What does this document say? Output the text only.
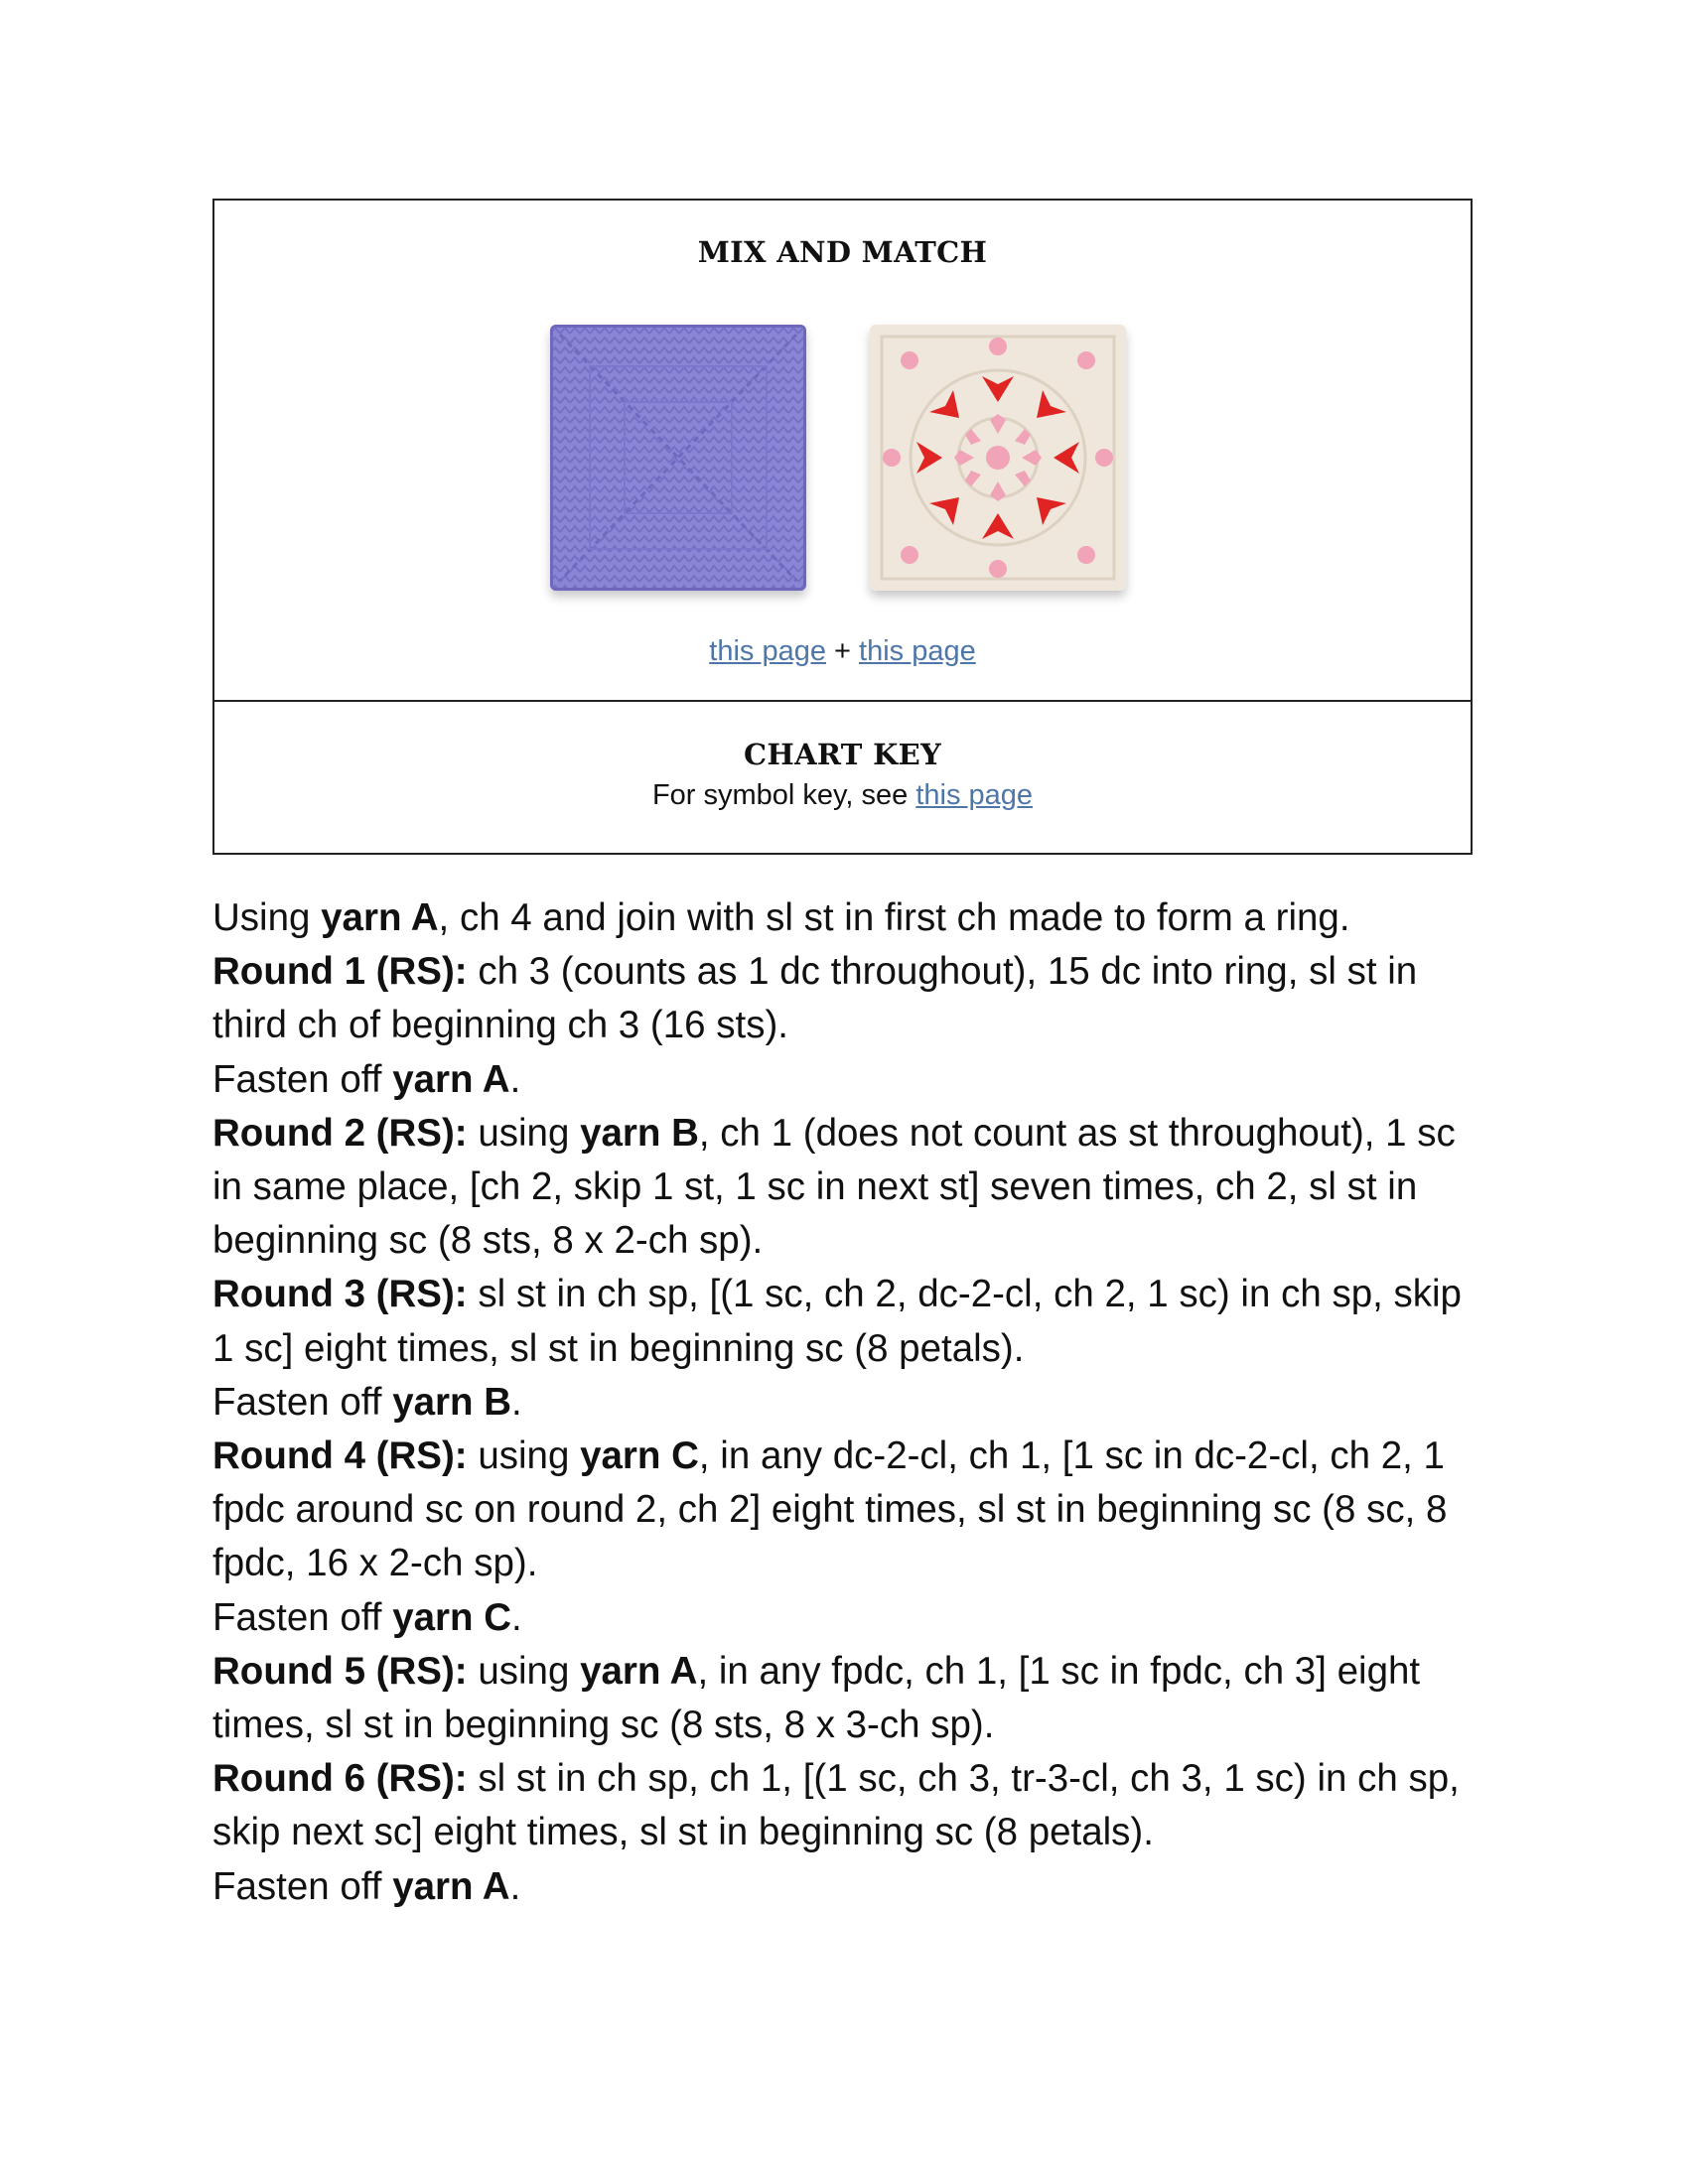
MIX AND MATCH
this page + this page
CHART KEY
For symbol key, see this page

Using yarn A, ch 4 and join with sl st in first ch made to form a ring.

Round 1 (RS): ch 3 (counts as 1 dc throughout), 15 dc into ring, sl st in third ch of beginning ch 3 (16 sts).

Fasten off yarn A.

Round 2 (RS): using yarn B, ch 1 (does not count as st throughout), 1 sc in same place, [ch 2, skip 1 st, 1 sc in next st] seven times, ch 2, sl st in beginning sc (8 sts, 8 x 2-ch sp).

Round 3 (RS): sl st in ch sp, [(1 sc, ch 2, dc-2-cl, ch 2, 1 sc) in ch sp, skip 1 sc] eight times, sl st in beginning sc (8 petals).

Fasten off yarn B.

Round 4 (RS): using yarn C, in any dc-2-cl, ch 1, [1 sc in dc-2-cl, ch 2, 1 fpdc around sc on round 2, ch 2] eight times, sl st in beginning sc (8 sc, 8 fpdc, 16 x 2-ch sp).

Fasten off yarn C.

Round 5 (RS): using yarn A, in any fpdc, ch 1, [1 sc in fpdc, ch 3] eight times, sl st in beginning sc (8 sts, 8 x 3-ch sp).

Round 6 (RS): sl st in ch sp, ch 1, [(1 sc, ch 3, tr-3-cl, ch 3, 1 sc) in ch sp, skip next sc] eight times, sl st in beginning sc (8 petals).

Fasten off yarn A.
